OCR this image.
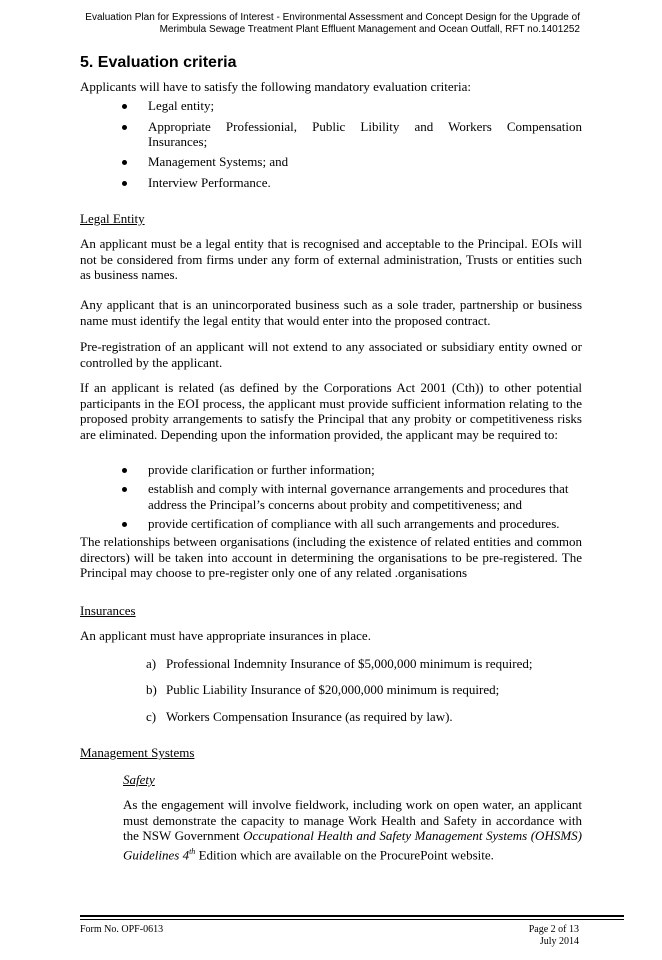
Evaluation Plan for Expressions of Interest - Environmental Assessment and Concept Design for the Upgrade of
Merimbula Sewage Treatment Plant Effluent Management and Ocean Outfall, RFT no.1401252
5. Evaluation criteria
Applicants will have to satisfy the following mandatory evaluation criteria:
Legal entity;
Appropriate Professionial, Public Libility and Workers Compensation
Insurances;
Management Systems; and
Interview Performance.
Legal Entity
An applicant must be a legal entity that is recognised and acceptable to the Principal. EOIs will not be considered from firms under any form of external administration, Trusts or entities such as business names.
Any applicant that is an unincorporated business such as a sole trader, partnership or business name must identify the legal entity that would enter into the proposed contract.
Pre-registration of an applicant will not extend to any associated or subsidiary entity owned or controlled by the applicant.
If an applicant is related (as defined by the Corporations Act 2001 (Cth)) to other potential participants in the EOI process, the applicant must provide sufficient information relating to the proposed probity arrangements to satisfy the Principal that any probity or competitiveness risks are eliminated. Depending upon the information provided, the applicant may be required to:
provide clarification or further information;
establish and comply with internal governance arrangements and procedures that address the Principal’s concerns about probity and competitiveness; and
provide certification of compliance with all such arrangements and procedures.
The relationships between organisations (including the existence of related entities and common directors) will be taken into account in determining the organisations to be pre-registered. The Principal may choose to pre-register only one of any related .organisations
Insurances
An applicant must have appropriate insurances in place.
a) Professional Indemnity Insurance of $5,000,000 minimum is required;
b) Public Liability Insurance of $20,000,000 minimum is required;
c) Workers Compensation Insurance (as required by law).
Management Systems
Safety
As the engagement will involve fieldwork, including work on open water, an applicant must demonstrate the capacity to manage Work Health and Safety in accordance with the NSW Government Occupational Health and Safety Management Systems (OHSMS) Guidelines 4th Edition which are available on the ProcurePoint website.
Form No. OPF-0613	Page 2 of 13
July 2014
